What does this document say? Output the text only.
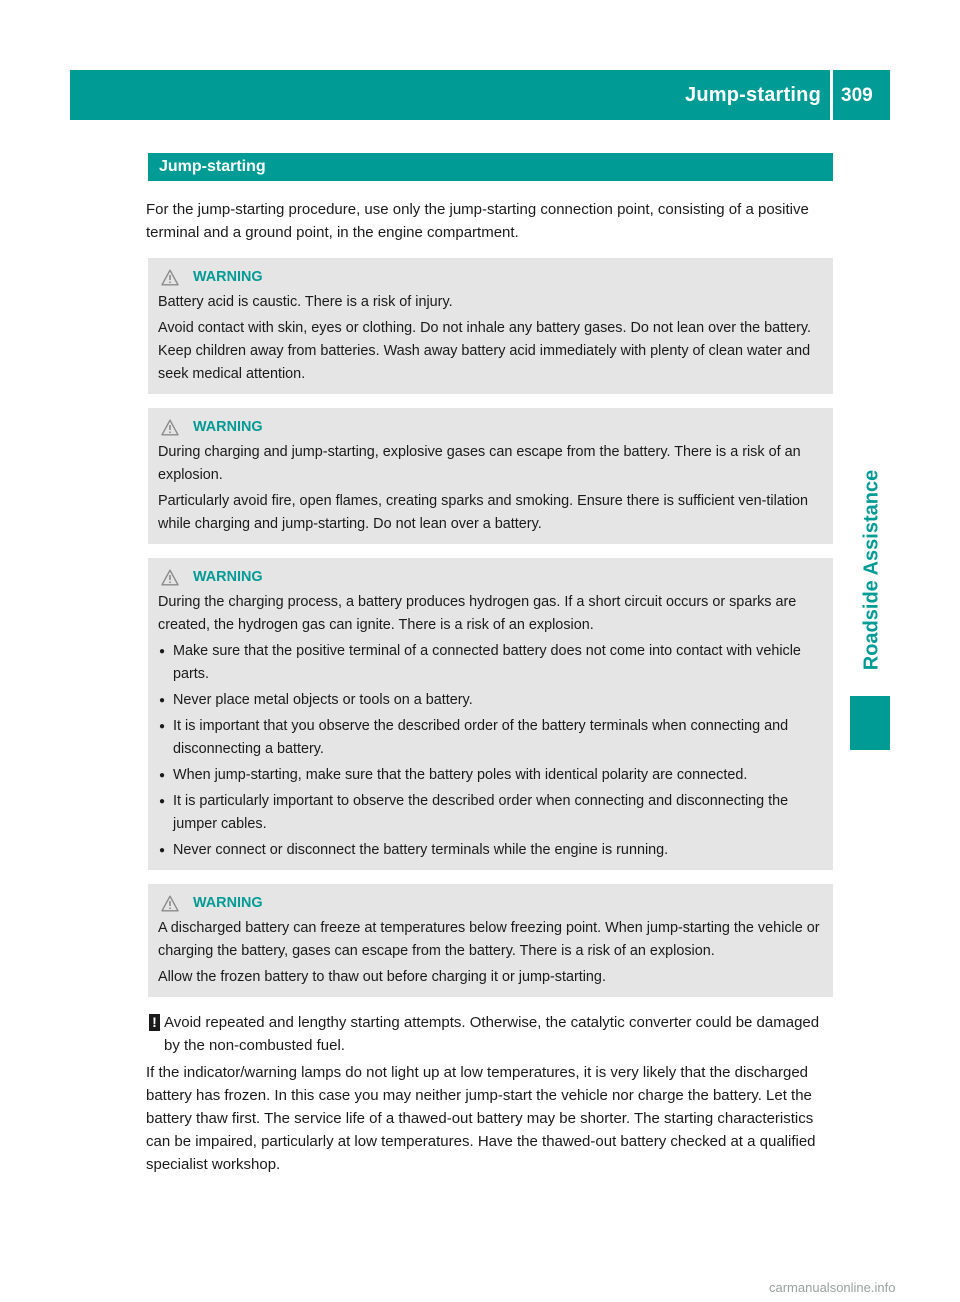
Jump-starting 309
Roadside Assistance
Jump-starting

For the jump-starting procedure, use only the jump-starting connection point, consisting of a positive terminal and a ground point, in the engine compartment.

WARNING

Battery acid is caustic. There is a risk of injury.

Avoid contact with skin, eyes or clothing. Do not inhale any battery gases. Do not lean over the battery. Keep children away from batteries. Wash away battery acid immediately with plenty of clean water and seek medical attention.

WARNING

During charging and jump-starting, explosive gases can escape from the battery. There is a risk of an explosion.

Particularly avoid fire, open flames, creating sparks and smoking. Ensure there is sufficient ven-tilation while charging and jump-starting. Do not lean over a battery.

WARNING

During the charging process, a battery produces hydrogen gas. If a short circuit occurs or sparks are created, the hydrogen gas can ignite. There is a risk of an explosion.

● Make sure that the positive terminal of a connected battery does not come into contact with vehicle parts.
● Never place metal objects or tools on a battery.
● It is important that you observe the described order of the battery terminals when connecting and disconnecting a battery.
● When jump-starting, make sure that the battery poles with identical polarity are connected.
● It is particularly important to observe the described order when connecting and disconnecting the jumper cables.
● Never connect or disconnect the battery terminals while the engine is running.
WARNING

A discharged battery can freeze at temperatures below freezing point. When jump-starting the vehicle or charging the battery, gases can escape from the battery. There is a risk of an explosion.

Allow the frozen battery to thaw out before charging it or jump-starting.

! Avoid repeated and lengthy starting attempts. Otherwise, the catalytic converter could be damaged by the non-combusted fuel.

If the indicator/warning lamps do not light up at low temperatures, it is very likely that the discharged battery has frozen. In this case you may neither jump-start the vehicle nor charge the battery. Let the battery thaw first. The service life of a thawed-out battery may be shorter. The starting characteristics can be impaired, particularly at low temperatures. Have the thawed-out battery checked at a qualified specialist workshop.

carmanualsonline.info
